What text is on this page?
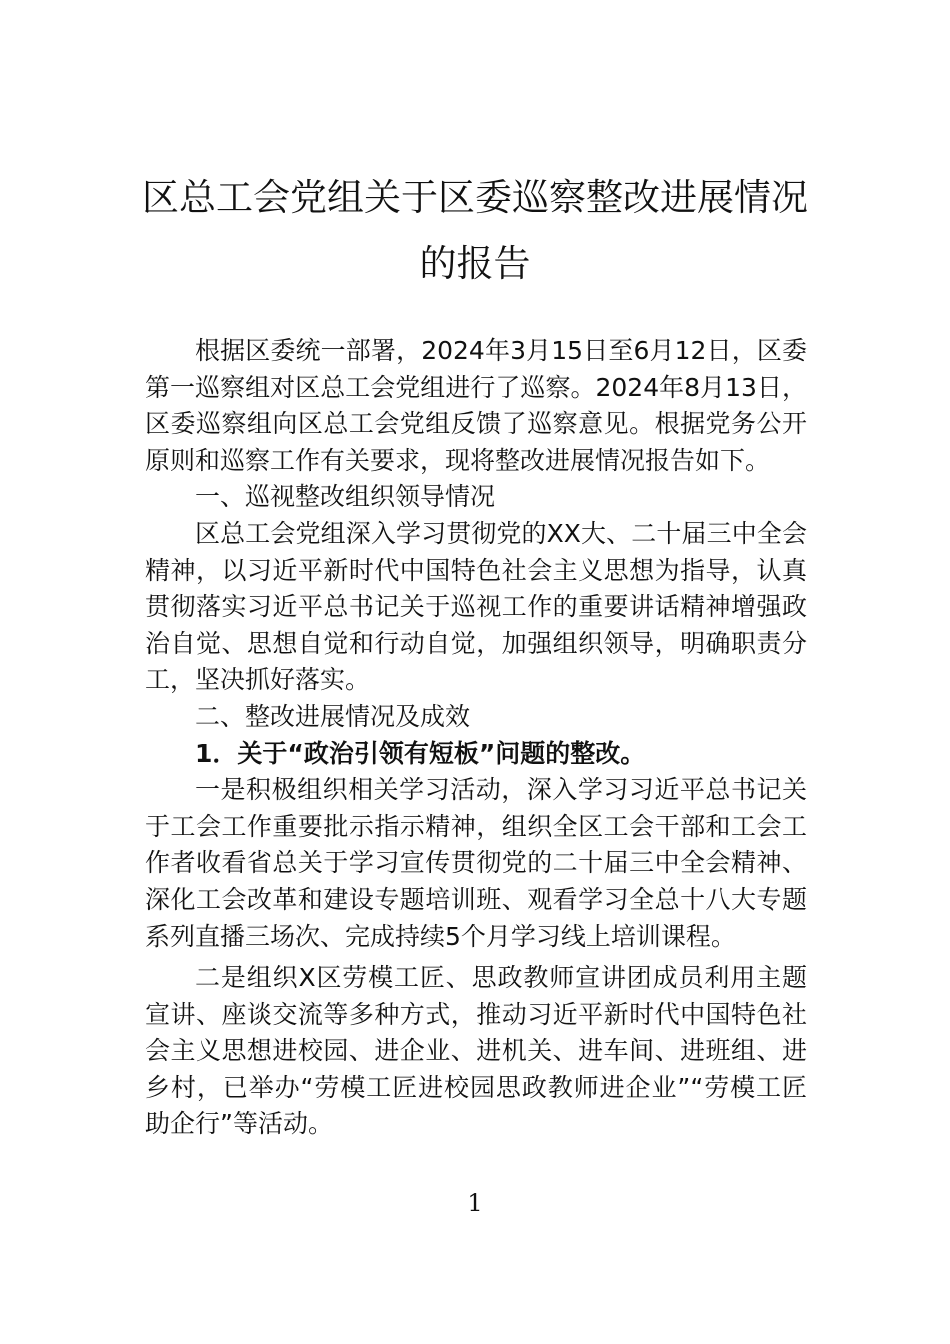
区总工会党组关于区委巡察整改进展情况
的报告

根据区委统一部署，2024年3月15日至6月12日，区委第一巡察组对区总工会党组进行了巡察。2024年8月13日，区委巡察组向区总工会党组反馈了巡察意见。根据党务公开原则和巡察工作有关要求，现将整改进展情况报告如下。

一、巡视整改组织领导情况

区总工会党组深入学习贯彻党的XX大、二十届三中全会精神，以习近平新时代中国特色社会主义思想为指导，认真贯彻落实习近平总书记关于巡视工作的重要讲话精神增强政治自觉、思想自觉和行动自觉，加强组织领导，明确职责分工，坚决抓好落实。

二、整改进展情况及成效

1．关于“政治引领有短板”问题的整改。

一是积极组织相关学习活动，深入学习习近平总书记关于工会工作重要批示指示精神，组织全区工会干部和工会工作者收看省总关于学习宣传贯彻党的二十届三中全会精神、深化工会改革和建设专题培训班、观看学习全总十八大专题系列直播三场次、完成持续5个月学习线上培训课程。

二是组织X区劳模工匠、思政教师宣讲团成员利用主题宣讲、座谈交流等多种方式，推动习近平新时代中国特色社会主义思想进校园、进企业、进机关、进车间、进班组、进乡村，已举办“劳模工匠进校园思政教师进企业”“劳模工匠助企行”等活动。

1
